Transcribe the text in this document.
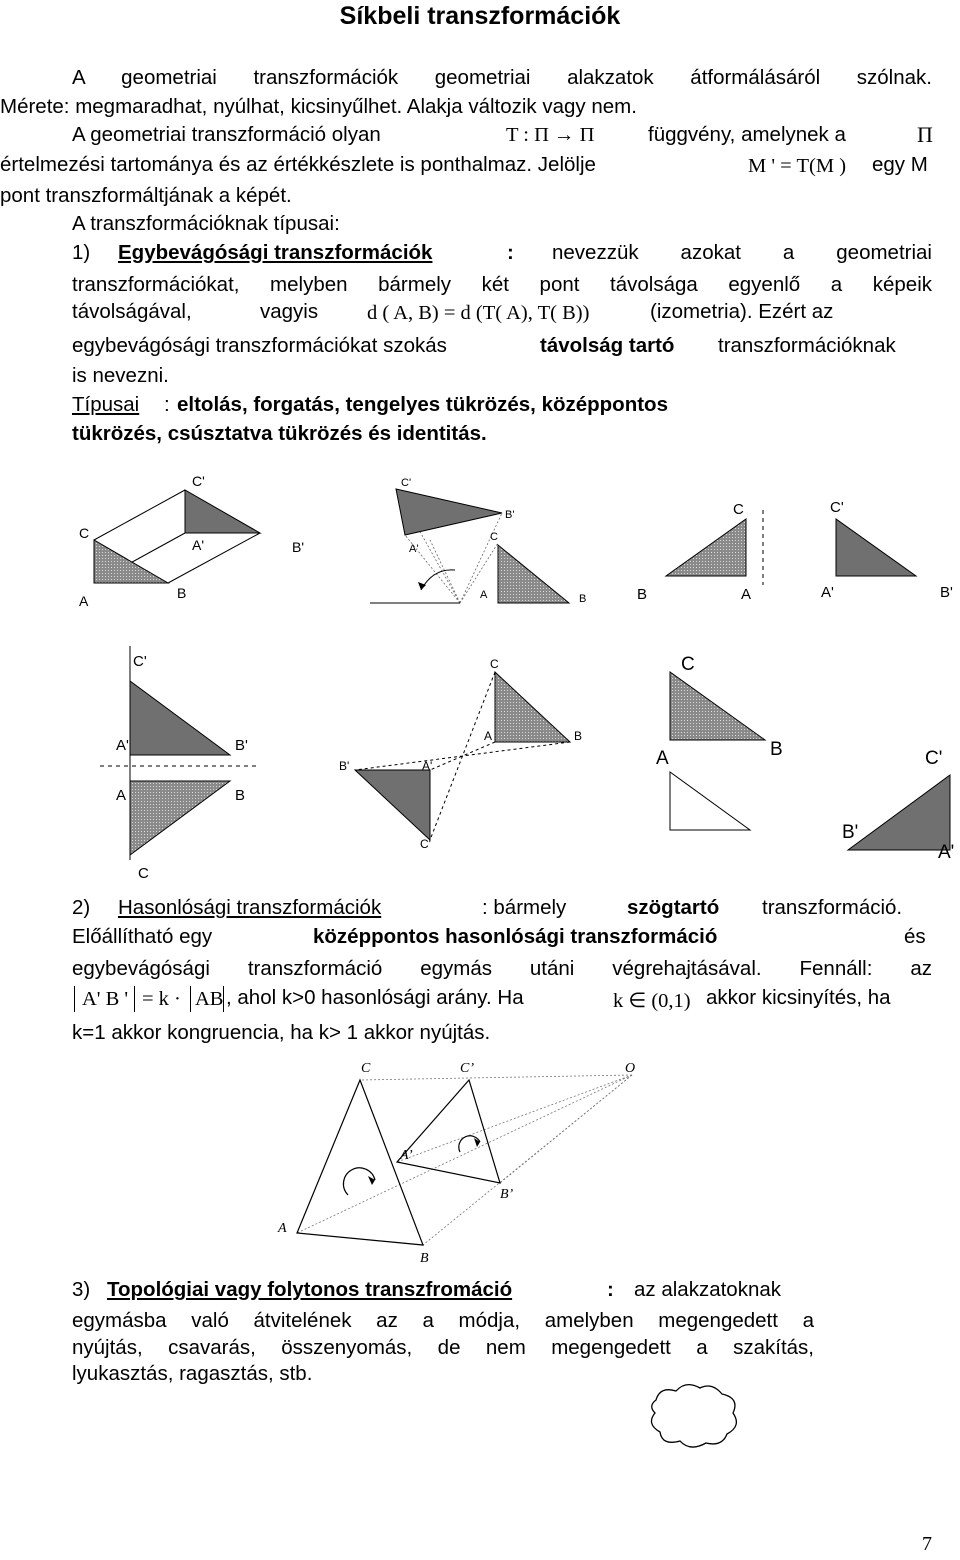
Síkbeli transzformációk
A geometriai transzformációk geometriai alakzatok átformálásáról szólnak.
Mérete: megmaradhat, nyúlhat, kicsinyűlhet. Alakja változik vagy nem.
A geometriai transzformáció olyan	T : Π → Π	függvény, amelynek a	Π
értelmezési tartománya és az értékkészlete is ponthalmaz. Jelölje	M ' = T(M ) egy M
pont transzformáltjának a képét.
A transzformációknak típusai:
1) Egybevágósági transzformációk	: nevezzük azokat a geometriai
transzformációkat, melyben bármely két pont távolsága egyenlő a képeik
távolságával,	vagyis d ( A, B) = d (T( A), T( B))	(izometria). Ezért az
egybevágósági transzformációkat szokás	távolság tartó transzformációknak
is nevezni.
Típusai : eltolás, forgatás, tengelyes tükrözés, középpontos
tükrözés, csúsztatva tükrözés és identitás.
C'
C
A'	B'
A	B
C'
B'
C
A'
A	B
C	C'
B	A	A'	B'
C'
A'	B'
A	B
C
C
A	B
B'	A'
C'
C
A	B	C'
B'
A'
2) Hasonlósági transzformációk	: bármely	szögtartó transzformáció.
Előállítható egy	középpontos hasonlósági transzformáció	és
egybevágósági transzformáció egymás utáni végrehajtásával. Fennáll: az
A' B ' = k · AB , ahol k>0 hasonlósági arány. Ha	k ∈ (0,1) akkor kicsinyítés, ha
k=1 akkor kongruencia, ha k> 1 akkor nyújtás.
C	C’	O
A’
B’
A
B
3) Topológiai vagy folytonos transzfromáció	: az alakzatoknak
egymásba való átvitelének az a módja, amelyben megengedett a
nyújtás, csavarás, összenyomás, de nem megengedett a szakítás,
lyukasztás, ragasztás, stb.
7
